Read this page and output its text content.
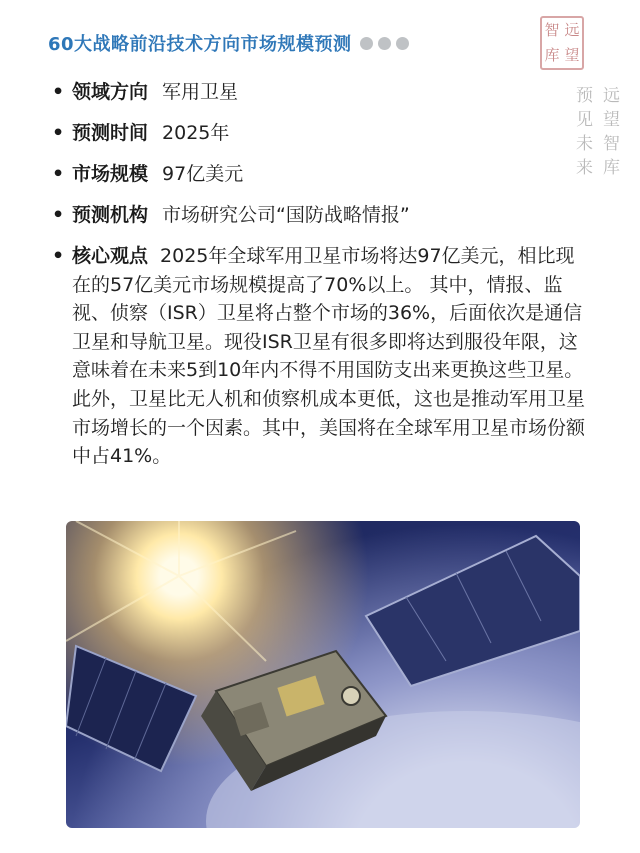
60大战略前沿技术方向市场规模预测
智 远
库 望
远
望
智
库
预
见
未
来
• 领域方向 军用卫星
• 预测时间 2025年
• 市场规模 97亿美元
• 预测机构 市场研究公司“国防战略情报”
• 核心观点 2025年全球军用卫星市场将达97亿美元，相比现在的57亿美元市场规模提高了70%以上。 其中，情报、监视、侦察（ISR）卫星将占整个市场的36%，后面依次是通信卫星和导航卫星。现役ISR卫星有很多即将达到服役年限，这意味着在未来5到10年内不得不用国防支出来更换这些卫星。此外，卫星比无人机和侦察机成本更低，这也是推动军用卫星市场增长的一个因素。其中，美国将在全球军用卫星市场份额中占41%。
